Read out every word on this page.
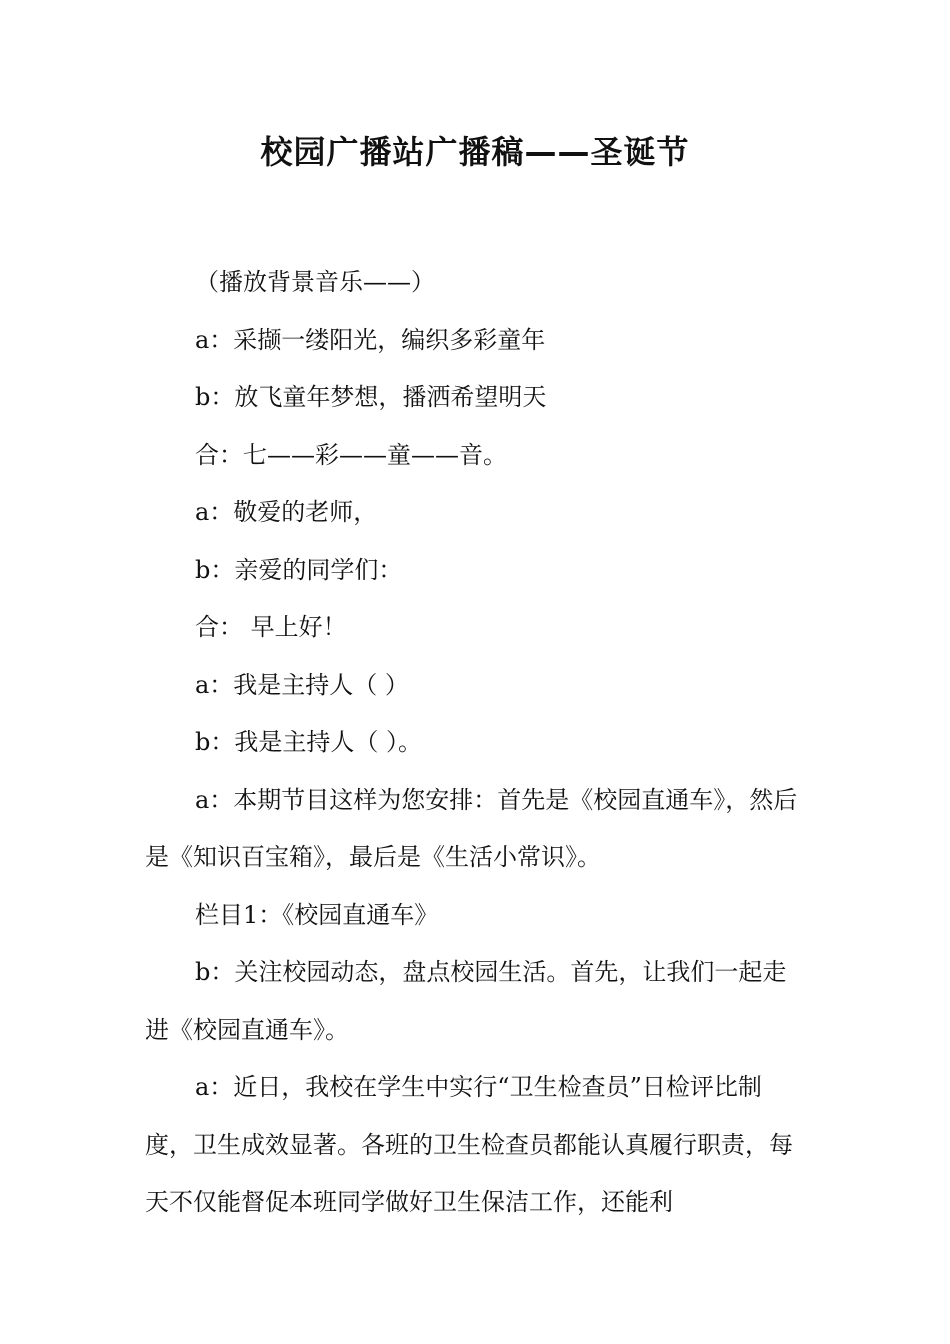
校园广播站广播稿——圣诞节

（播放背景音乐——）

a：采撷一缕阳光，编织多彩童年

b：放飞童年梦想，播洒希望明天

合：七——彩——童——音。

a：敬爱的老师，

b：亲爱的同学们：

合： 早上好！

a：我是主持人（ ）

b：我是主持人（ ）。

a：本期节目这样为您安排：首先是《校园直通车》，然后是《知识百宝箱》，最后是《生活小常识》。

栏目1：《校园直通车》

b：关注校园动态，盘点校园生活。首先，让我们一起走进《校园直通车》。

a：近日，我校在学生中实行“卫生检查员”日检评比制度，卫生成效显著。各班的卫生检查员都能认真履行职责，每天不仅能督促本班同学做好卫生保洁工作，还能利
